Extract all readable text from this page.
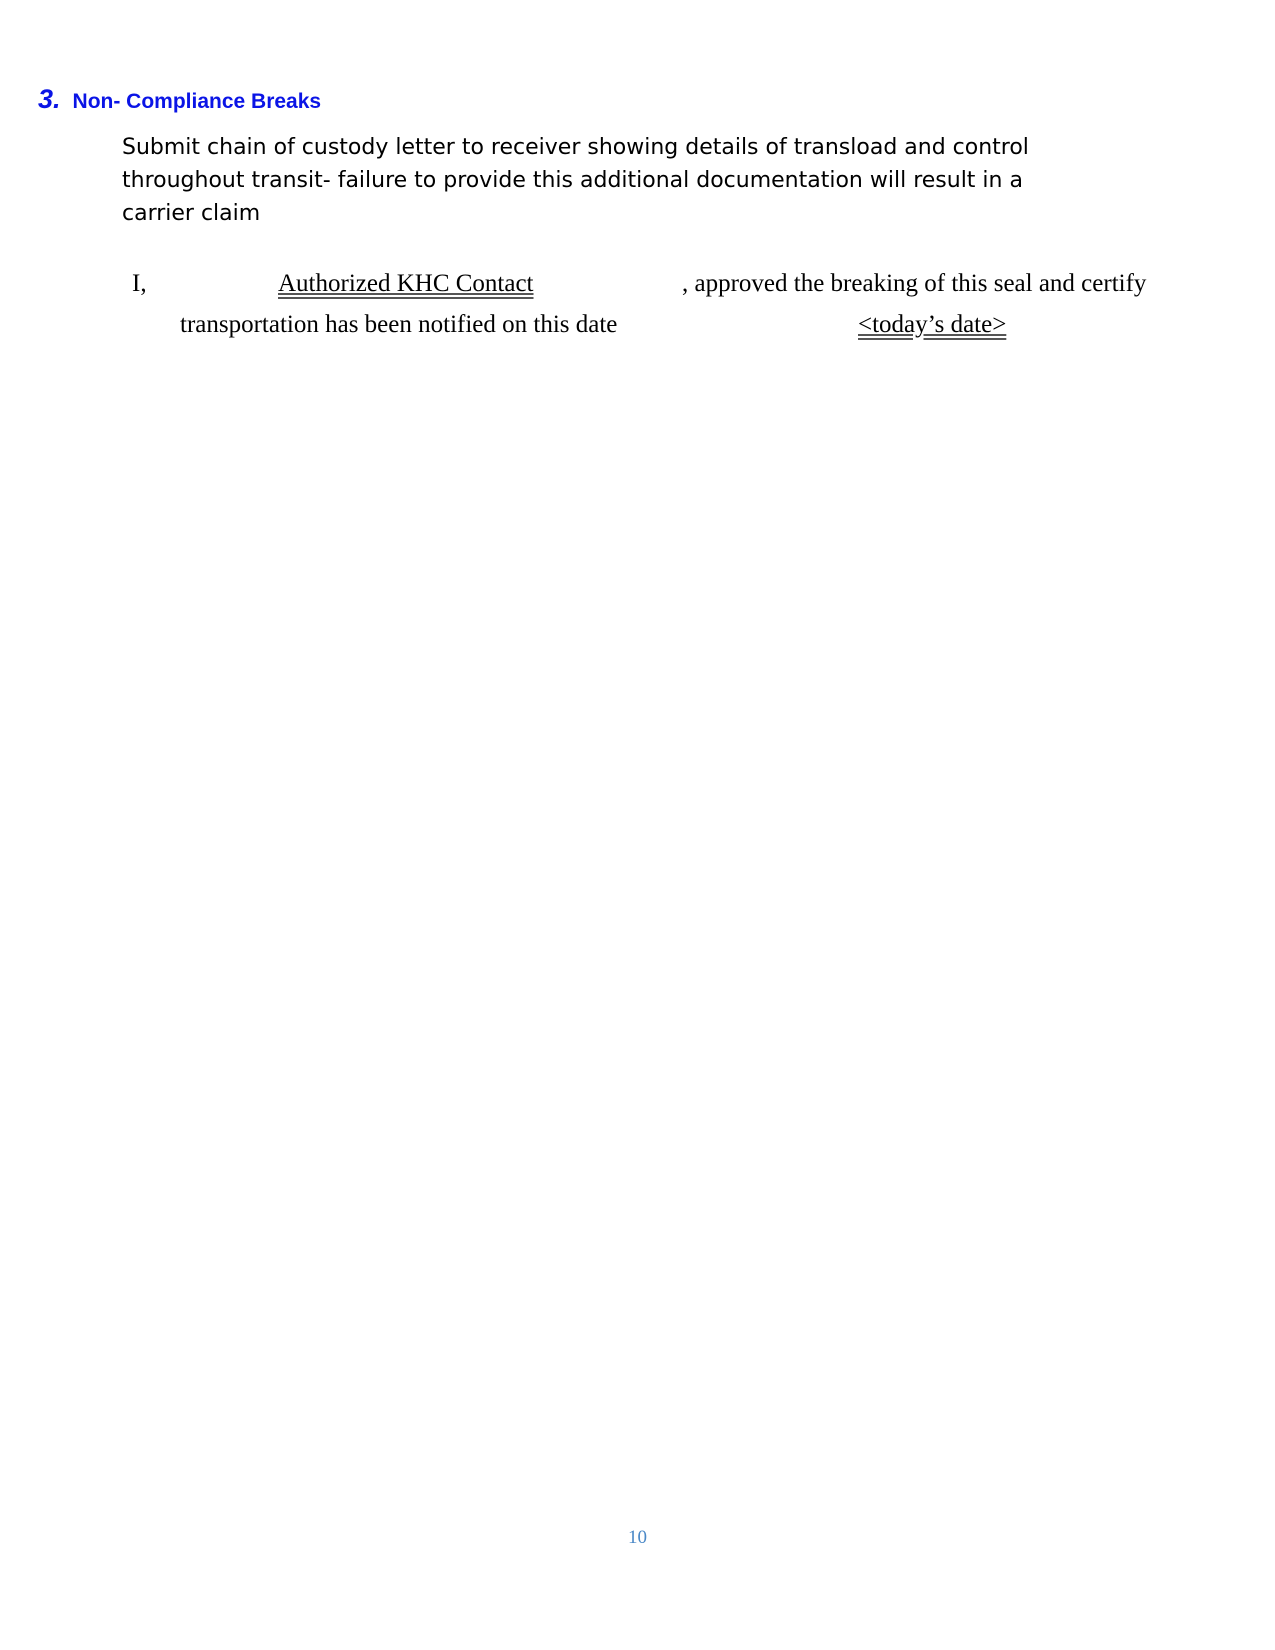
3. Non- Compliance Breaks

Submit chain of custody letter to receiver showing details of transload and control throughout transit- failure to provide this additional documentation will result in a carrier claim

I,	Authorized KHC Contact	, approved the breaking of this seal and certify
transportation has been notified on this date	<today’s date>
10
